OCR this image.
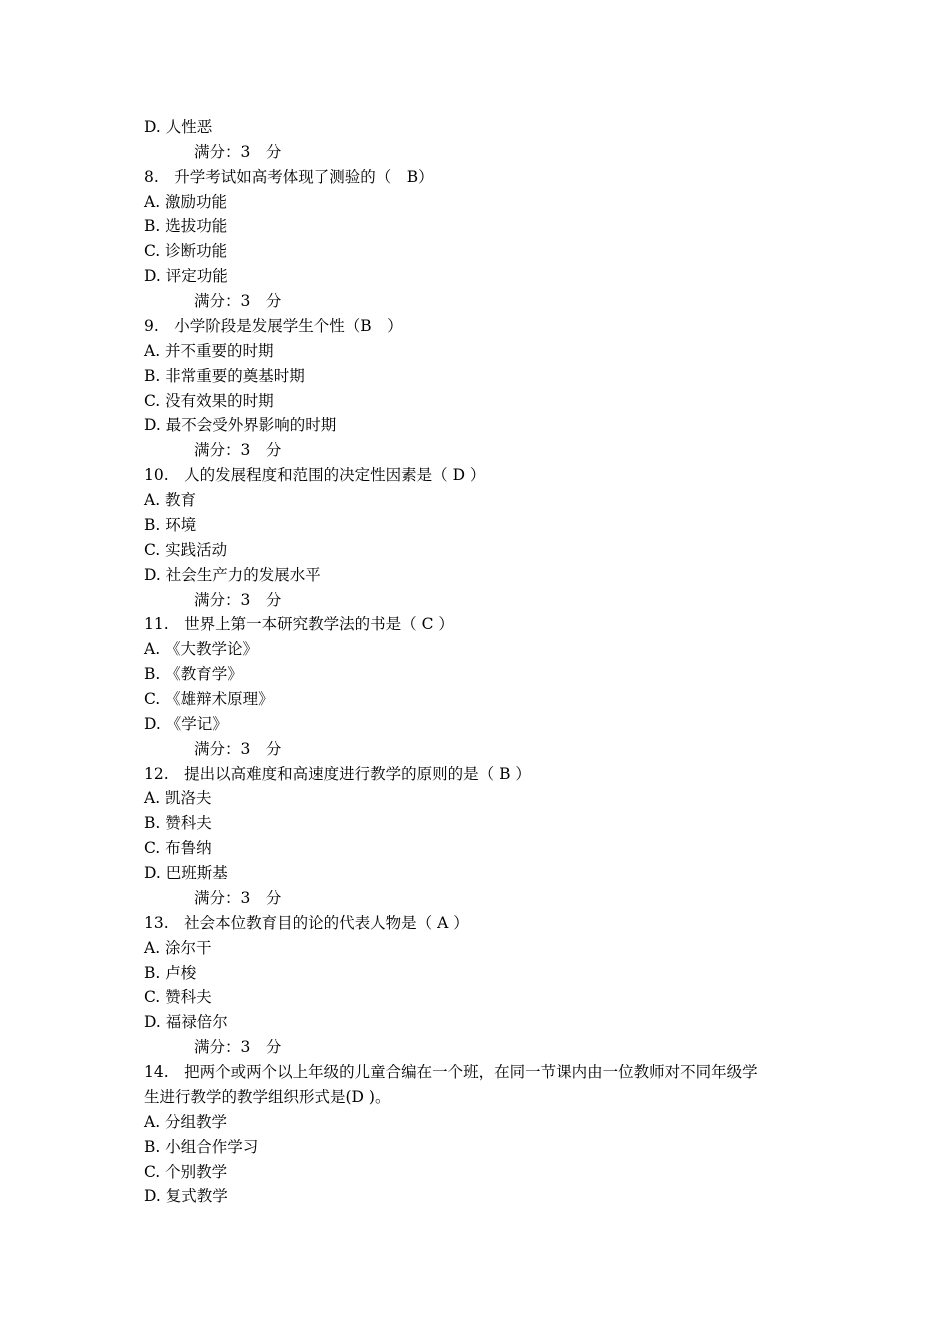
D. 人性恶
满分：3　分
8.　升学考试如高考体现了测验的（　B）
A. 激励功能
B. 选拔功能
C. 诊断功能
D. 评定功能
满分：3　分
9.　小学阶段是发展学生个性（B　）
A. 并不重要的时期
B. 非常重要的奠基时期
C. 没有效果的时期
D. 最不会受外界影响的时期
满分：3　分
10.　人的发展程度和范围的决定性因素是（ D ）
A. 教育
B. 环境
C. 实践活动
D. 社会生产力的发展水平
满分：3　分
11.　世界上第一本研究教学法的书是（ C ）
A. 《大教学论》
B. 《教育学》
C. 《雄辩术原理》
D. 《学记》
满分：3　分
12.　提出以高难度和高速度进行教学的原则的是（ B ）
A. 凯洛夫
B. 赞科夫
C. 布鲁纳
D. 巴班斯基
满分：3　分
13.　社会本位教育目的论的代表人物是（ A ）
A. 涂尔干
B. 卢梭
C. 赞科夫
D. 福禄倍尔
满分：3　分
14.　把两个或两个以上年级的儿童合编在一个班，在同一节课内由一位教师对不同年级学
生进行教学的教学组织形式是(D )。
A. 分组教学
B. 小组合作学习
C. 个别教学
D. 复式教学
